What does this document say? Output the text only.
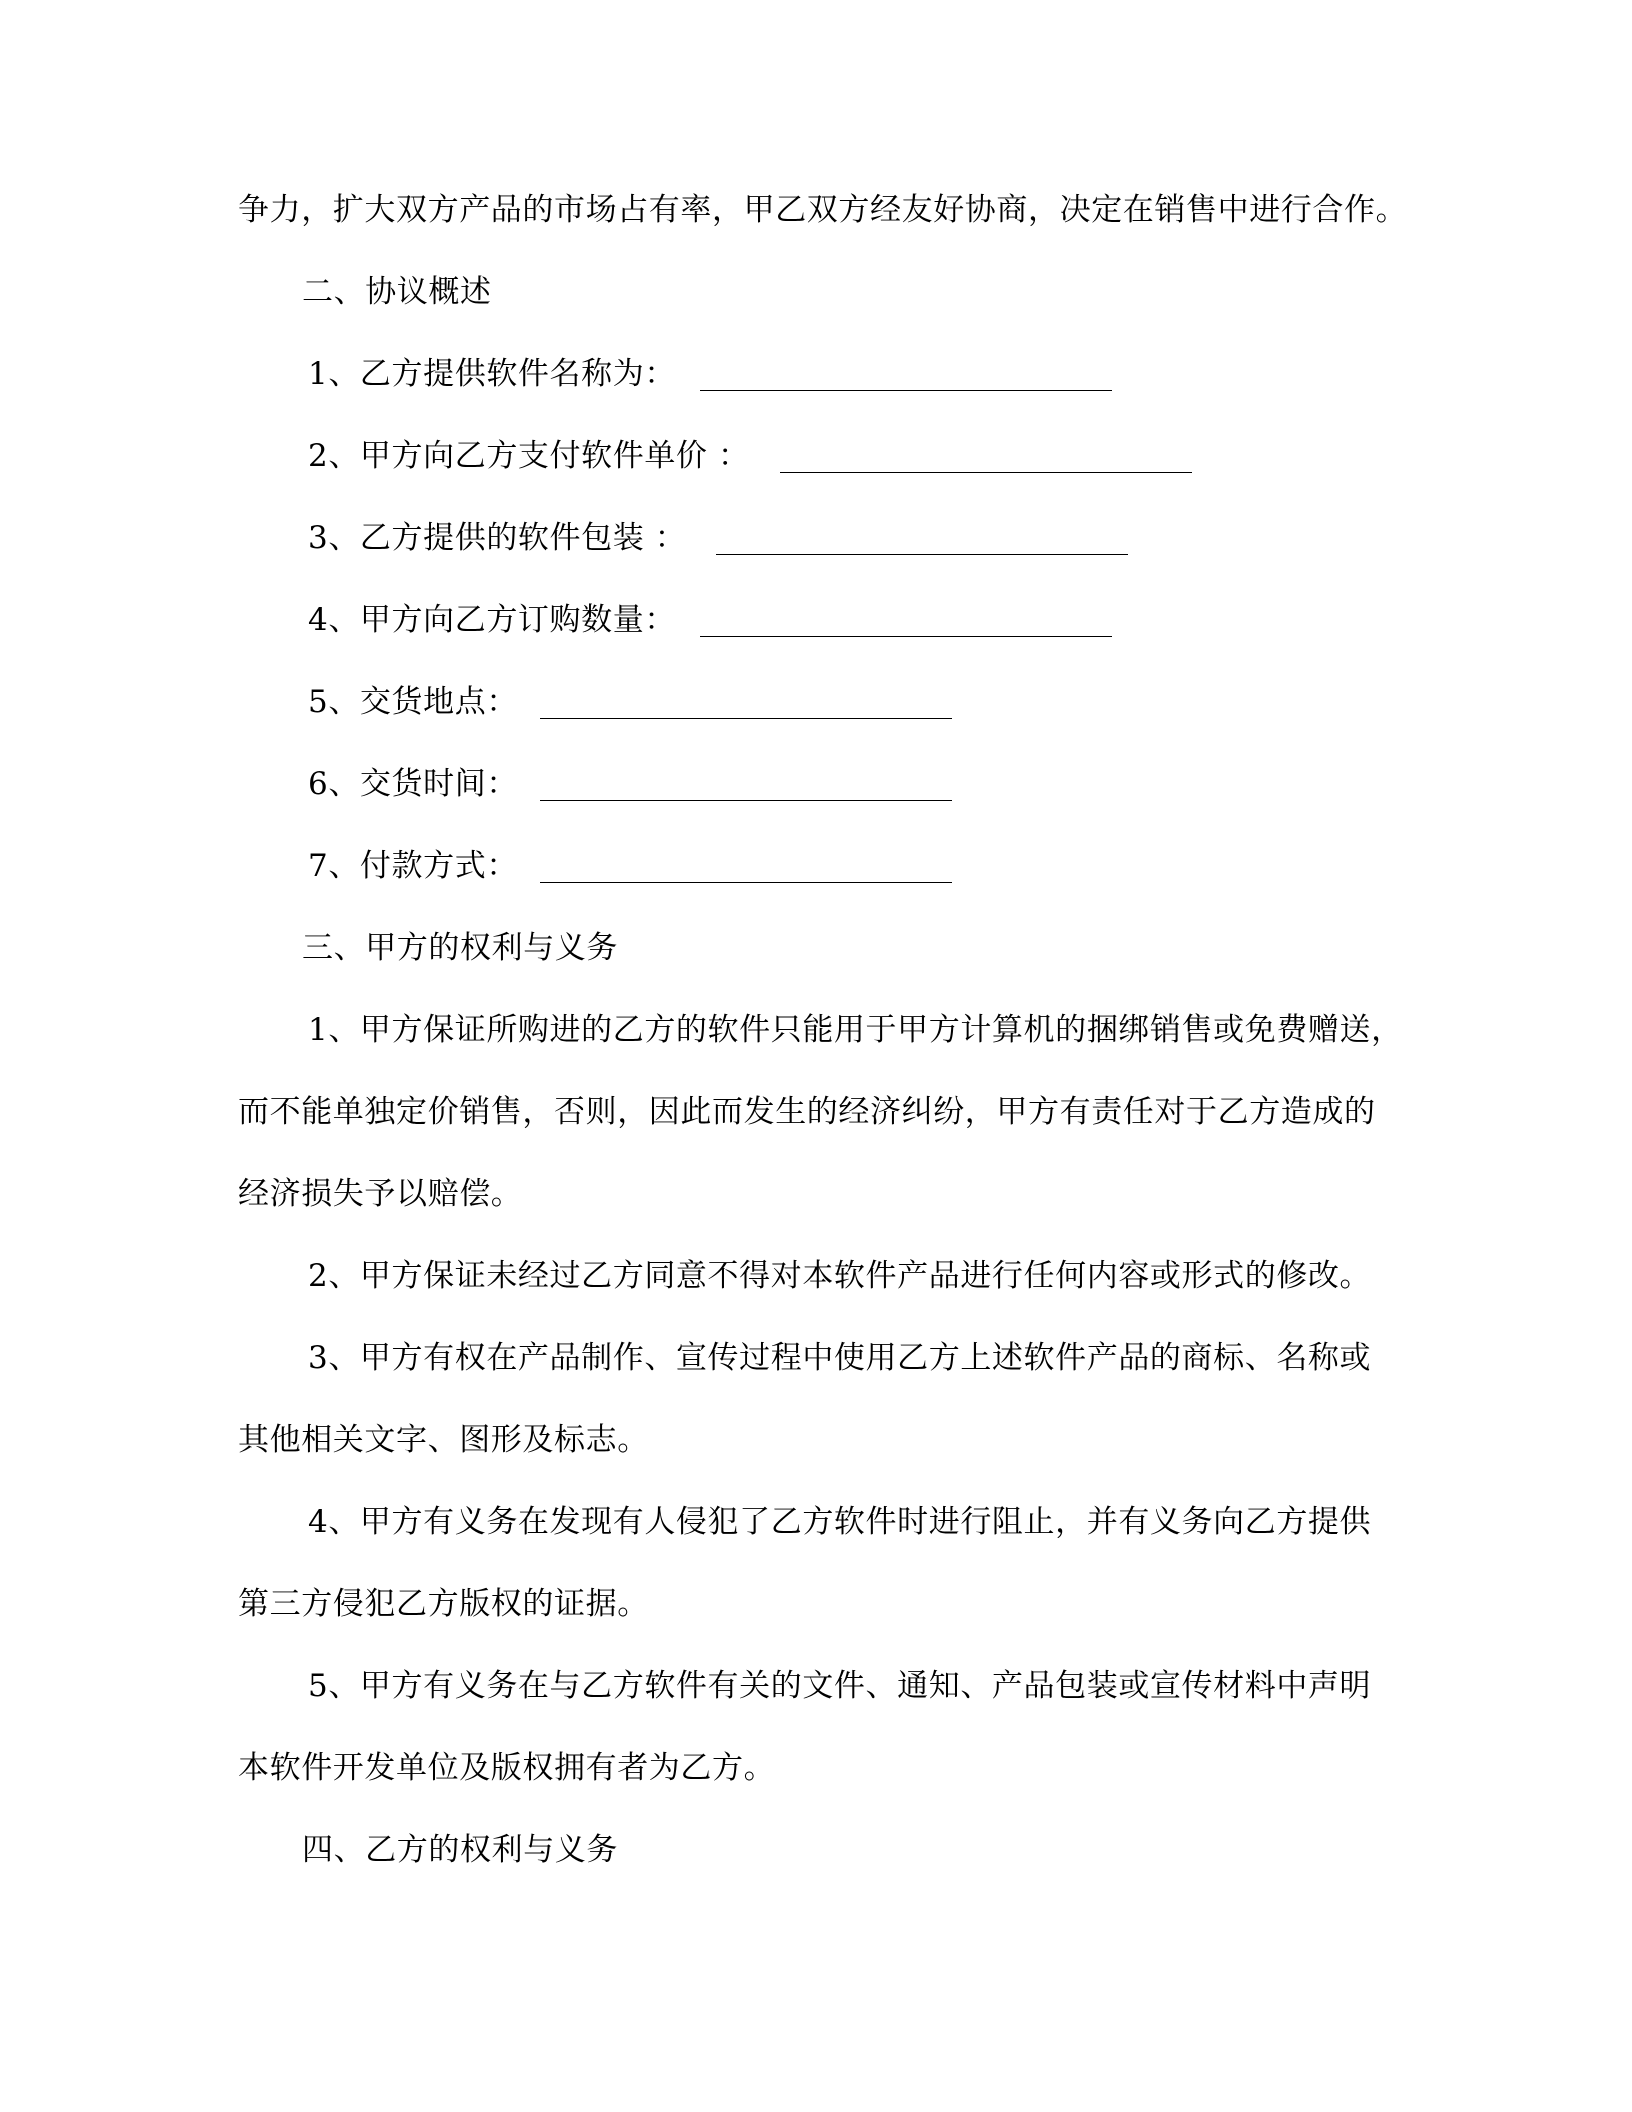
争力，扩大双方产品的市场占有率，甲乙双方经友好协商，决定在销售中进行合作。
二、协议概述
1、乙方提供软件名称为：
2、甲方向乙方支付软件单价 ：
3、乙方提供的软件包装 ：
4、甲方向乙方订购数量：
5、交货地点：
6、交货时间：
7、付款方式：
三、甲方的权利与义务
1、甲方保证所购进的乙方的软件只能用于甲方计算机的捆绑销售或免费赠送，
而不能单独定价销售，否则，因此而发生的经济纠纷，甲方有责任对于乙方造成的
经济损失予以赔偿。
2、甲方保证未经过乙方同意不得对本软件产品进行任何内容或形式的修改。
3、甲方有权在产品制作、宣传过程中使用乙方上述软件产品的商标、名称或
其他相关文字、图形及标志。
4、甲方有义务在发现有人侵犯了乙方软件时进行阻止，并有义务向乙方提供
第三方侵犯乙方版权的证据。
5、甲方有义务在与乙方软件有关的文件、通知、产品包装或宣传材料中声明
本软件开发单位及版权拥有者为乙方。
四、乙方的权利与义务
